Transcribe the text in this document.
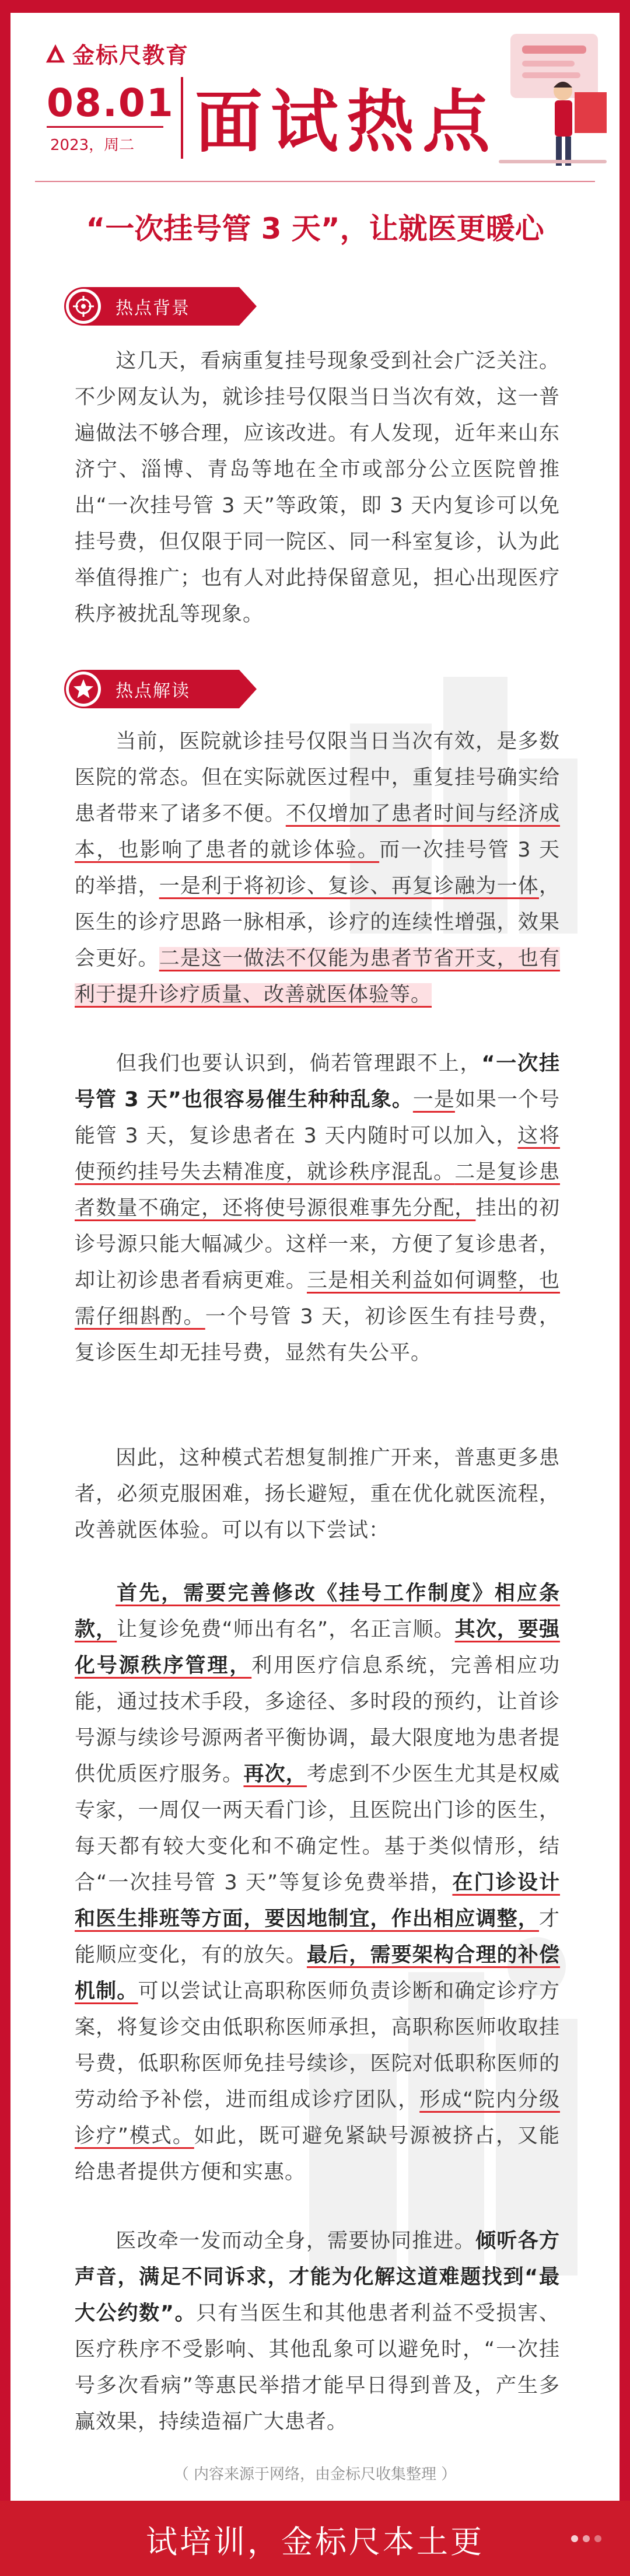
金标尺教育
08.01
2023，周二 面试热点
“一次挂号管 3 天”，让就医更暖心
热点背景

这几天，看病重复挂号现象受到社会广泛关注。不少网友认为，就诊挂号仅限当日当次有效，这一普遍做法不够合理，应该改进。有人发现，近年来山东济宁、淄博、青岛等地在全市或部分公立医院曾推出“一次挂号管 3 天”等政策，即 3 天内复诊可以免挂号费，但仅限于同一院区、同一科室复诊，认为此举值得推广；也有人对此持保留意见，担心出现医疗秩序被扰乱等现象。

热点解读

当前，医院就诊挂号仅限当日当次有效，是多数医院的常态。但在实际就医过程中，重复挂号确实给患者带来了诸多不便。不仅增加了患者时间与经济成本，也影响了患者的就诊体验。而一次挂号管 3 天的举措，一是利于将初诊、复诊、再复诊融为一体，医生的诊疗思路一脉相承，诊疗的连续性增强，效果会更好。二是这一做法不仅能为患者节省开支，也有利于提升诊疗质量、改善就医体验等。

但我们也要认识到，倘若管理跟不上，“一次挂号管 3 天”也很容易催生种种乱象。一是如果一个号能管 3 天，复诊患者在 3 天内随时可以加入，这将使预约挂号失去精准度，就诊秩序混乱。二是复诊患者数量不确定，还将使号源很难事先分配，挂出的初诊号源只能大幅减少。这样一来，方便了复诊患者，却让初诊患者看病更难。三是相关利益如何调整，也需仔细斟酌。一个号管 3 天，初诊医生有挂号费，复诊医生却无挂号费，显然有失公平。

因此，这种模式若想复制推广开来，普惠更多患者，必须克服困难，扬长避短，重在优化就医流程，改善就医体验。可以有以下尝试：

首先，需要完善修改《挂号工作制度》相应条款，让复诊免费“师出有名”，名正言顺。其次，要强化号源秩序管理，利用医疗信息系统，完善相应功能，通过技术手段，多途径、多时段的预约，让首诊号源与续诊号源两者平衡协调，最大限度地为患者提供优质医疗服务。再次，考虑到不少医生尤其是权威专家，一周仅一两天看门诊，且医院出门诊的医生，每天都有较大变化和不确定性。基于类似情形，结合“一次挂号管 3 天”等复诊免费举措，在门诊设计和医生排班等方面，要因地制宜，作出相应调整，才能顺应变化，有的放矢。最后，需要架构合理的补偿机制。可以尝试让高职称医师负责诊断和确定诊疗方案，将复诊交由低职称医师承担，高职称医师收取挂号费，低职称医师免挂号续诊，医院对低职称医师的劳动给予补偿，进而组成诊疗团队，形成“院内分级诊疗”模式。如此，既可避免紧缺号源被挤占，又能给患者提供方便和实惠。

医改牵一发而动全身，需要协同推进。倾听各方声音，满足不同诉求，才能为化解这道难题找到“最大公约数”。只有当医生和其他患者利益不受损害、医疗秩序不受影响、其他乱象可以避免时，“一次挂号多次看病”等惠民举措才能早日得到普及，产生多赢效果，持续造福广大患者。

（ 内容来源于网络，由金标尺收集整理 ）
试培训，金标尺本土更
